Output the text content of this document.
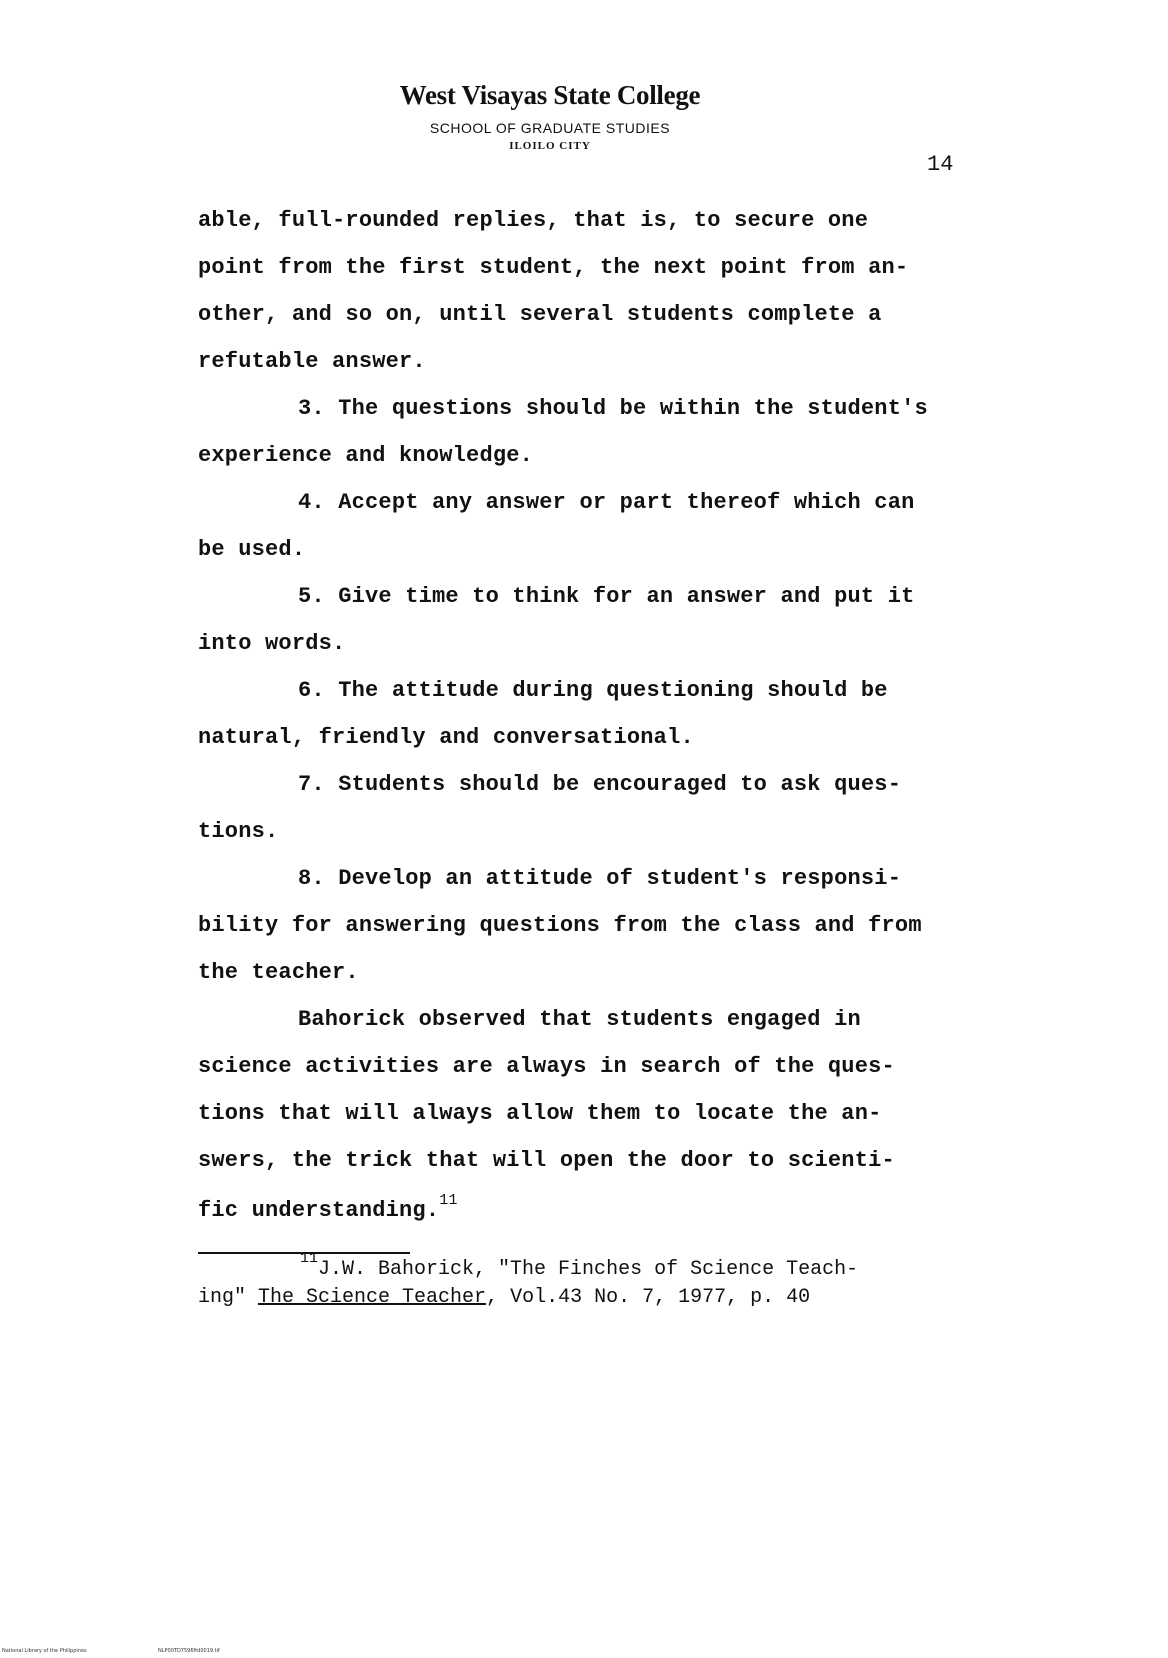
West Visayas State College
SCHOOL OF GRADUATE STUDIES
ILOILO CITY
14
able, full-rounded replies, that is, to secure one
point from the first student, the next point from an-
other, and so on, until several students complete a
refutable answer.
3. The questions should be within the student's
experience and knowledge.
4. Accept any answer or part thereof which can
be used.
5. Give time to think for an answer and put it
into words.
6. The attitude during questioning should be
natural, friendly and conversational.
7. Students should be encouraged to ask ques-
tions.
8. Develop an attitude of student's responsi-
bility for answering questions from the class and from
the teacher.
Bahorick observed that students engaged in
science activities are always in search of the ques-
tions that will always allow them to locate the an-
swers, the trick that will open the door to scienti-
fic understanding.$^{11}$
$^{11}$J.W. Bahorick, "The Finches of Science Teach-
ing" The Science Teacher, Vol.43 No. 7, 1977, p. 40
National Library of the Philippines	NLP00TD7596ftd0019.tif
